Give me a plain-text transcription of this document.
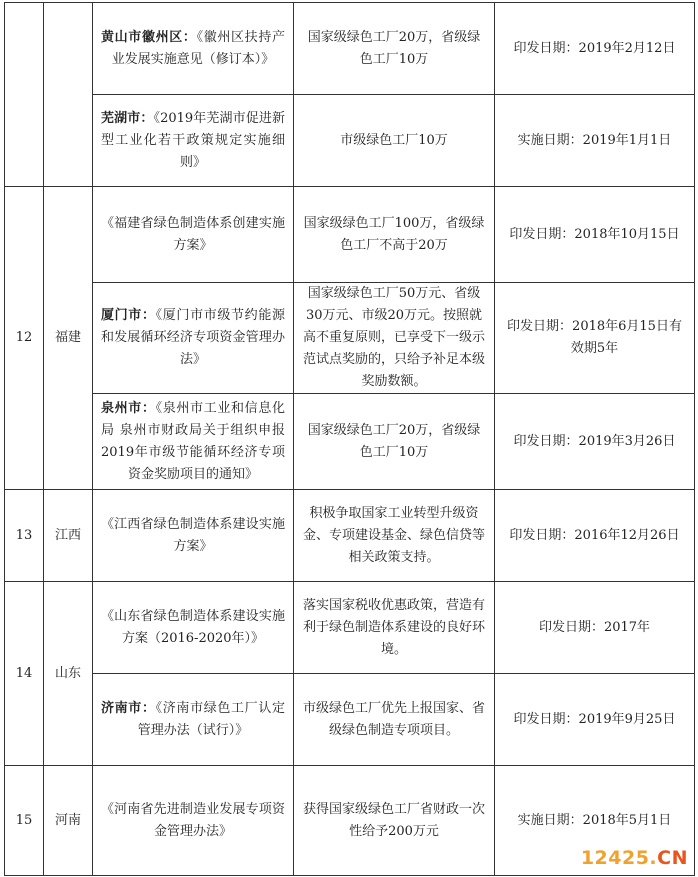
		黄山市徽州区：《徽州区扶持产业发展实施意见（修订本）》	国家级绿色工厂20万，省级绿色工厂10万	印发日期：2019年2月12日

		芜湖市：《2019年芜湖市促进新型工业化若干政策规定实施细则》	市级绿色工厂10万	实施日期：2019年1月1日

12	福建	《福建省绿色制造体系创建实施方案》	国家级绿色工厂100万，省级绿色工厂不高于20万	印发日期：2018年10月15日

		厦门市：《厦门市市级节约能源和发展循环经济专项资金管理办法》	国家级绿色工厂50万元、省级30万元、市级20万元。按照就高不重复原则，已享受下一级示范试点奖励的，只给予补足本级奖励数额。	印发日期：2018年6月15日有效期5年

		泉州市：《泉州市工业和信息化局 泉州市财政局关于组织申报2019年市级节能循环经济专项资金奖励项目的通知》	国家级绿色工厂20万，省级绿色工厂10万	印发日期：2019年3月26日

13	江西	《江西省绿色制造体系建设实施方案》	积极争取国家工业转型升级资金、专项建设基金、绿色信贷等相关政策支持。	印发日期：2016年12月26日

14	山东	《山东省绿色制造体系建设实施方案（2016-2020年）》	落实国家税收优惠政策，营造有利于绿色制造体系建设的良好环境。	印发日期：2017年

		济南市：《济南市绿色工厂认定管理办法（试行）》	市级绿色工厂优先上报国家、省级绿色制造专项项目。	印发日期：2019年9月25日

15	河南	《河南省先进制造业发展专项资金管理办法》	获得国家级绿色工厂省财政一次性给予200万元	实施日期：2018年5月1日
12425.CN
